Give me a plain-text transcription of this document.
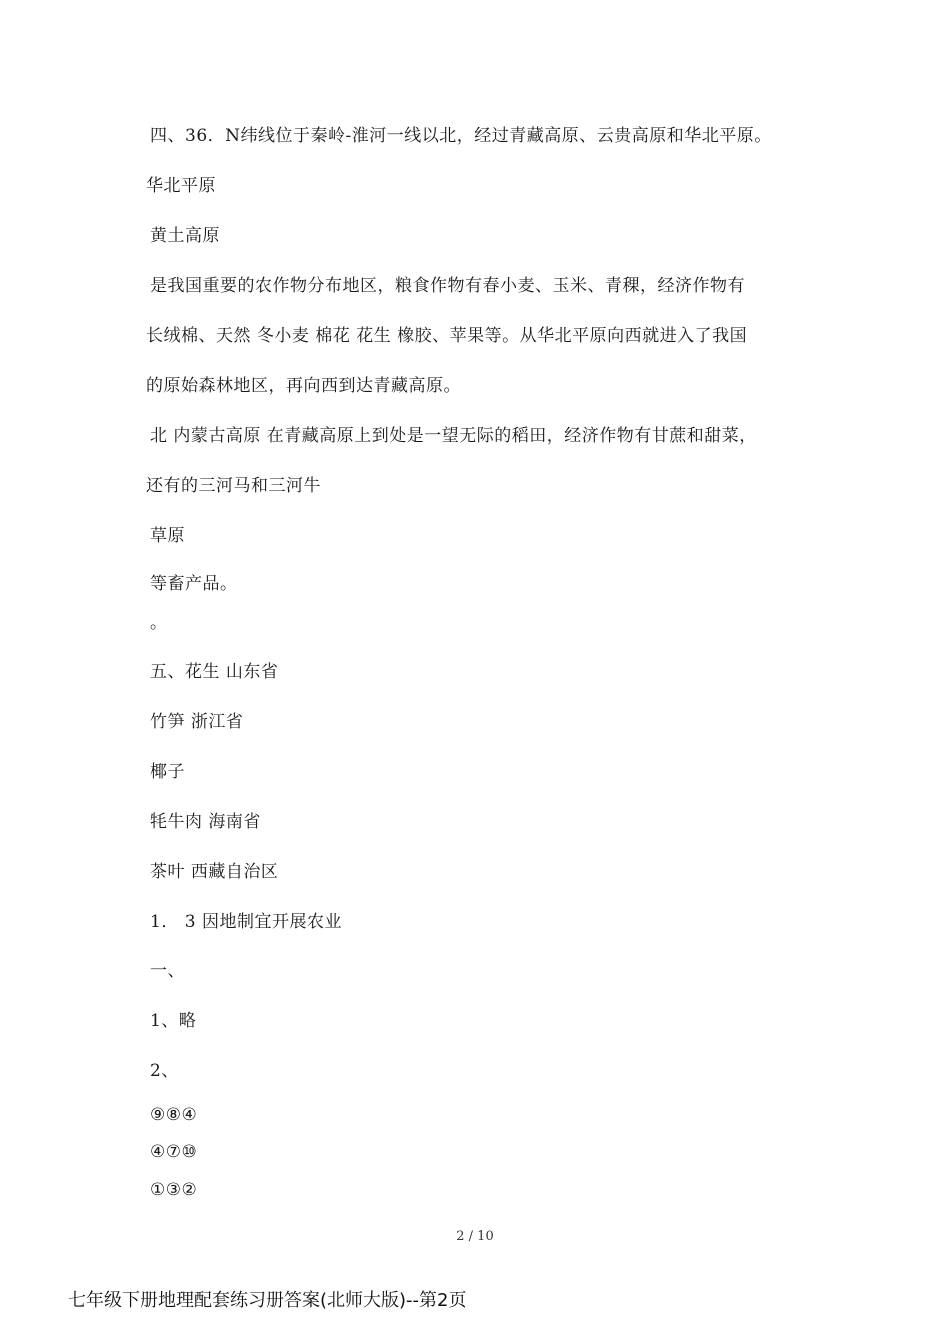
四、36．N纬线位于秦岭-淮河一线以北，经过青藏高原、云贵高原和华北平原。
华北平原
黄土高原
是我国重要的农作物分布地区，粮食作物有春小麦、玉米、青稞，经济作物有
长绒棉、天然 冬小麦 棉花 花生 橡胶、苹果等。从华北平原向西就进入了我国
的原始森林地区，再向西到达青藏高原。
北 内蒙古高原 在青藏高原上到处是一望无际的稻田，经济作物有甘蔗和甜菜，
还有的三河马和三河牛
草原
等畜产品。
。
五、花生 山东省
竹笋 浙江省
椰子
牦牛肉 海南省
茶叶 西藏自治区
1． 3 因地制宜开展农业
一、
1、略
2、
⑨⑧④
④⑦⑩
①③②
2 / 10
七年级下册地理配套练习册答案(北师大版)--第2页
